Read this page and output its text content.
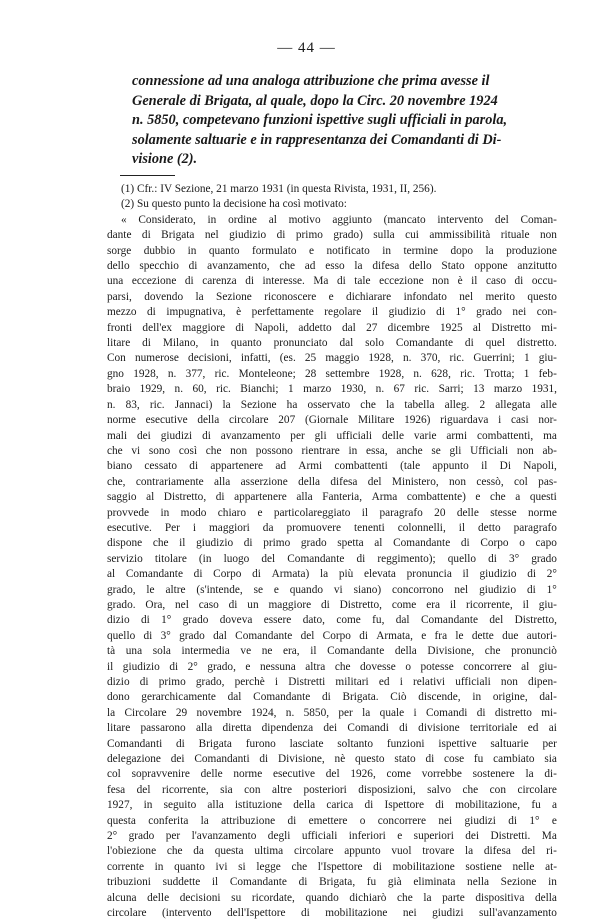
— 44 —
connessione ad una analoga attribuzione che prima avesse il
Generale di Brigata, al quale, dopo la Circ. 20 novembre 1924
n. 5850, competevano funzioni ispettive sugli ufficiali in parola,
solamente saltuarie e in rappresentanza dei Comandanti di Di-
visione (2).
(1) Cfr.: IV Sezione, 21 marzo 1931 (in questa Rivista, 1931, II, 256).
(2) Su questo punto la decisione ha così motivato:
« Considerato, in ordine al motivo aggiunto (mancato intervento del Coman-
dante di Brigata nel giudizio di primo grado) sulla cui ammissibilità rituale non
sorge dubbio in quanto formulato e notificato in termine dopo la produzione
dello specchio di avanzamento, che ad esso la difesa dello Stato oppone anzitutto
una eccezione di carenza di interesse. Ma di tale eccezione non è il caso di occu-
parsi, dovendo la Sezione riconoscere e dichiarare infondato nel merito questo
mezzo di impugnativa, è perfettamente regolare il giudizio di 1° grado nei con-
fronti dell'ex maggiore di Napoli, addetto dal 27 dicembre 1925 al Distretto mi-
litare di Milano, in quanto pronunciato dal solo Comandante di quel distretto.
Con numerose decisioni, infatti, (es. 25 maggio 1928, n. 370, ric. Guerrini; 1 giu-
gno 1928, n. 377, ric. Monteleone; 28 settembre 1928, n. 628, ric. Trotta; 1 feb-
braio 1929, n. 60, ric. Bianchi; 1 marzo 1930, n. 67 ric. Sarri; 13 marzo 1931,
n. 83, ric. Jannaci) la Sezione ha osservato che la tabella alleg. 2 allegata alle
norme esecutive della circolare 207 (Giornale Militare 1926) riguardava i casi nor-
mali dei giudizi di avanzamento per gli ufficiali delle varie armi combattenti, ma
che vi sono così che non possono rientrare in essa, anche se gli Ufficiali non ab-
biano cessato di appartenere ad Armi combattenti (tale appunto il Di Napoli,
che, contrariamente alla asserzione della difesa del Ministero, non cessò, col pas-
saggio al Distretto, di appartenere alla Fanteria, Arma combattente) e che a questi
provvede in modo chiaro e particolareggiato il paragrafo 20 delle stesse norme
esecutive. Per i maggiori da promuovere tenenti colonnelli, il detto paragrafo
dispone che il giudizio di primo grado spetta al Comandante di Corpo o capo
servizio titolare (in luogo del Comandante di reggimento); quello di 3° grado
al Comandante di Corpo di Armata) la più elevata pronuncia il giudizio di 2°
grado, le altre (s'intende, se e quando vi siano) concorrono nel giudizio di 1°
grado. Ora, nel caso di un maggiore di Distretto, come era il ricorrente, il giu-
dizio di 1° grado doveva essere dato, come fu, dal Comandante del Distretto,
quello di 3° grado dal Comandante del Corpo di Armata, e fra le dette due autori-
tà una sola intermedia ve ne era, il Comandante della Divisione, che pronunciò
il giudizio di 2° grado, e nessuna altra che dovesse o potesse concorrere al giu-
dizio di primo grado, perchè i Distretti militari ed i relativi ufficiali non dipen-
dono gerarchicamente dal Comandante di Brigata. Ciò discende, in origine, dal-
la Circolare 29 novembre 1924, n. 5850, per la quale i Comandi di distretto mi-
litare passarono alla diretta dipendenza dei Comandi di divisione territoriale ed ai
Comandanti di Brigata furono lasciate soltanto funzioni ispettive saltuarie per
delegazione dei Comandanti di Divisione, nè questo stato di cose fu cambiato sia
col sopravvenire delle norme esecutive del 1926, come vorrebbe sostenere la di-
fesa del ricorrente, sia con altre posteriori disposizioni, salvo che con circolare
1927, in seguito alla istituzione della carica di Ispettore di mobilitazione, fu a
questa conferita la attribuzione di emettere o concorrere nei giudizi di 1° e
2° grado per l'avanzamento degli ufficiali inferiori e superiori dei Distretti. Ma
l'obiezione che da questa ultima circolare appunto vuol trovare la difesa del ri-
corrente in quanto ivi si legge che l'Ispettore di mobilitazione sostiene nelle at-
tribuzioni suddette il Comandante di Brigata, fu già eliminata nella Sezione in
alcuna delle decisioni su ricordate, quando dichiarò che la parte dispositiva della
circolare (intervento dell'Ispettore di mobilitazione nei giudizi sull'avanzamento
